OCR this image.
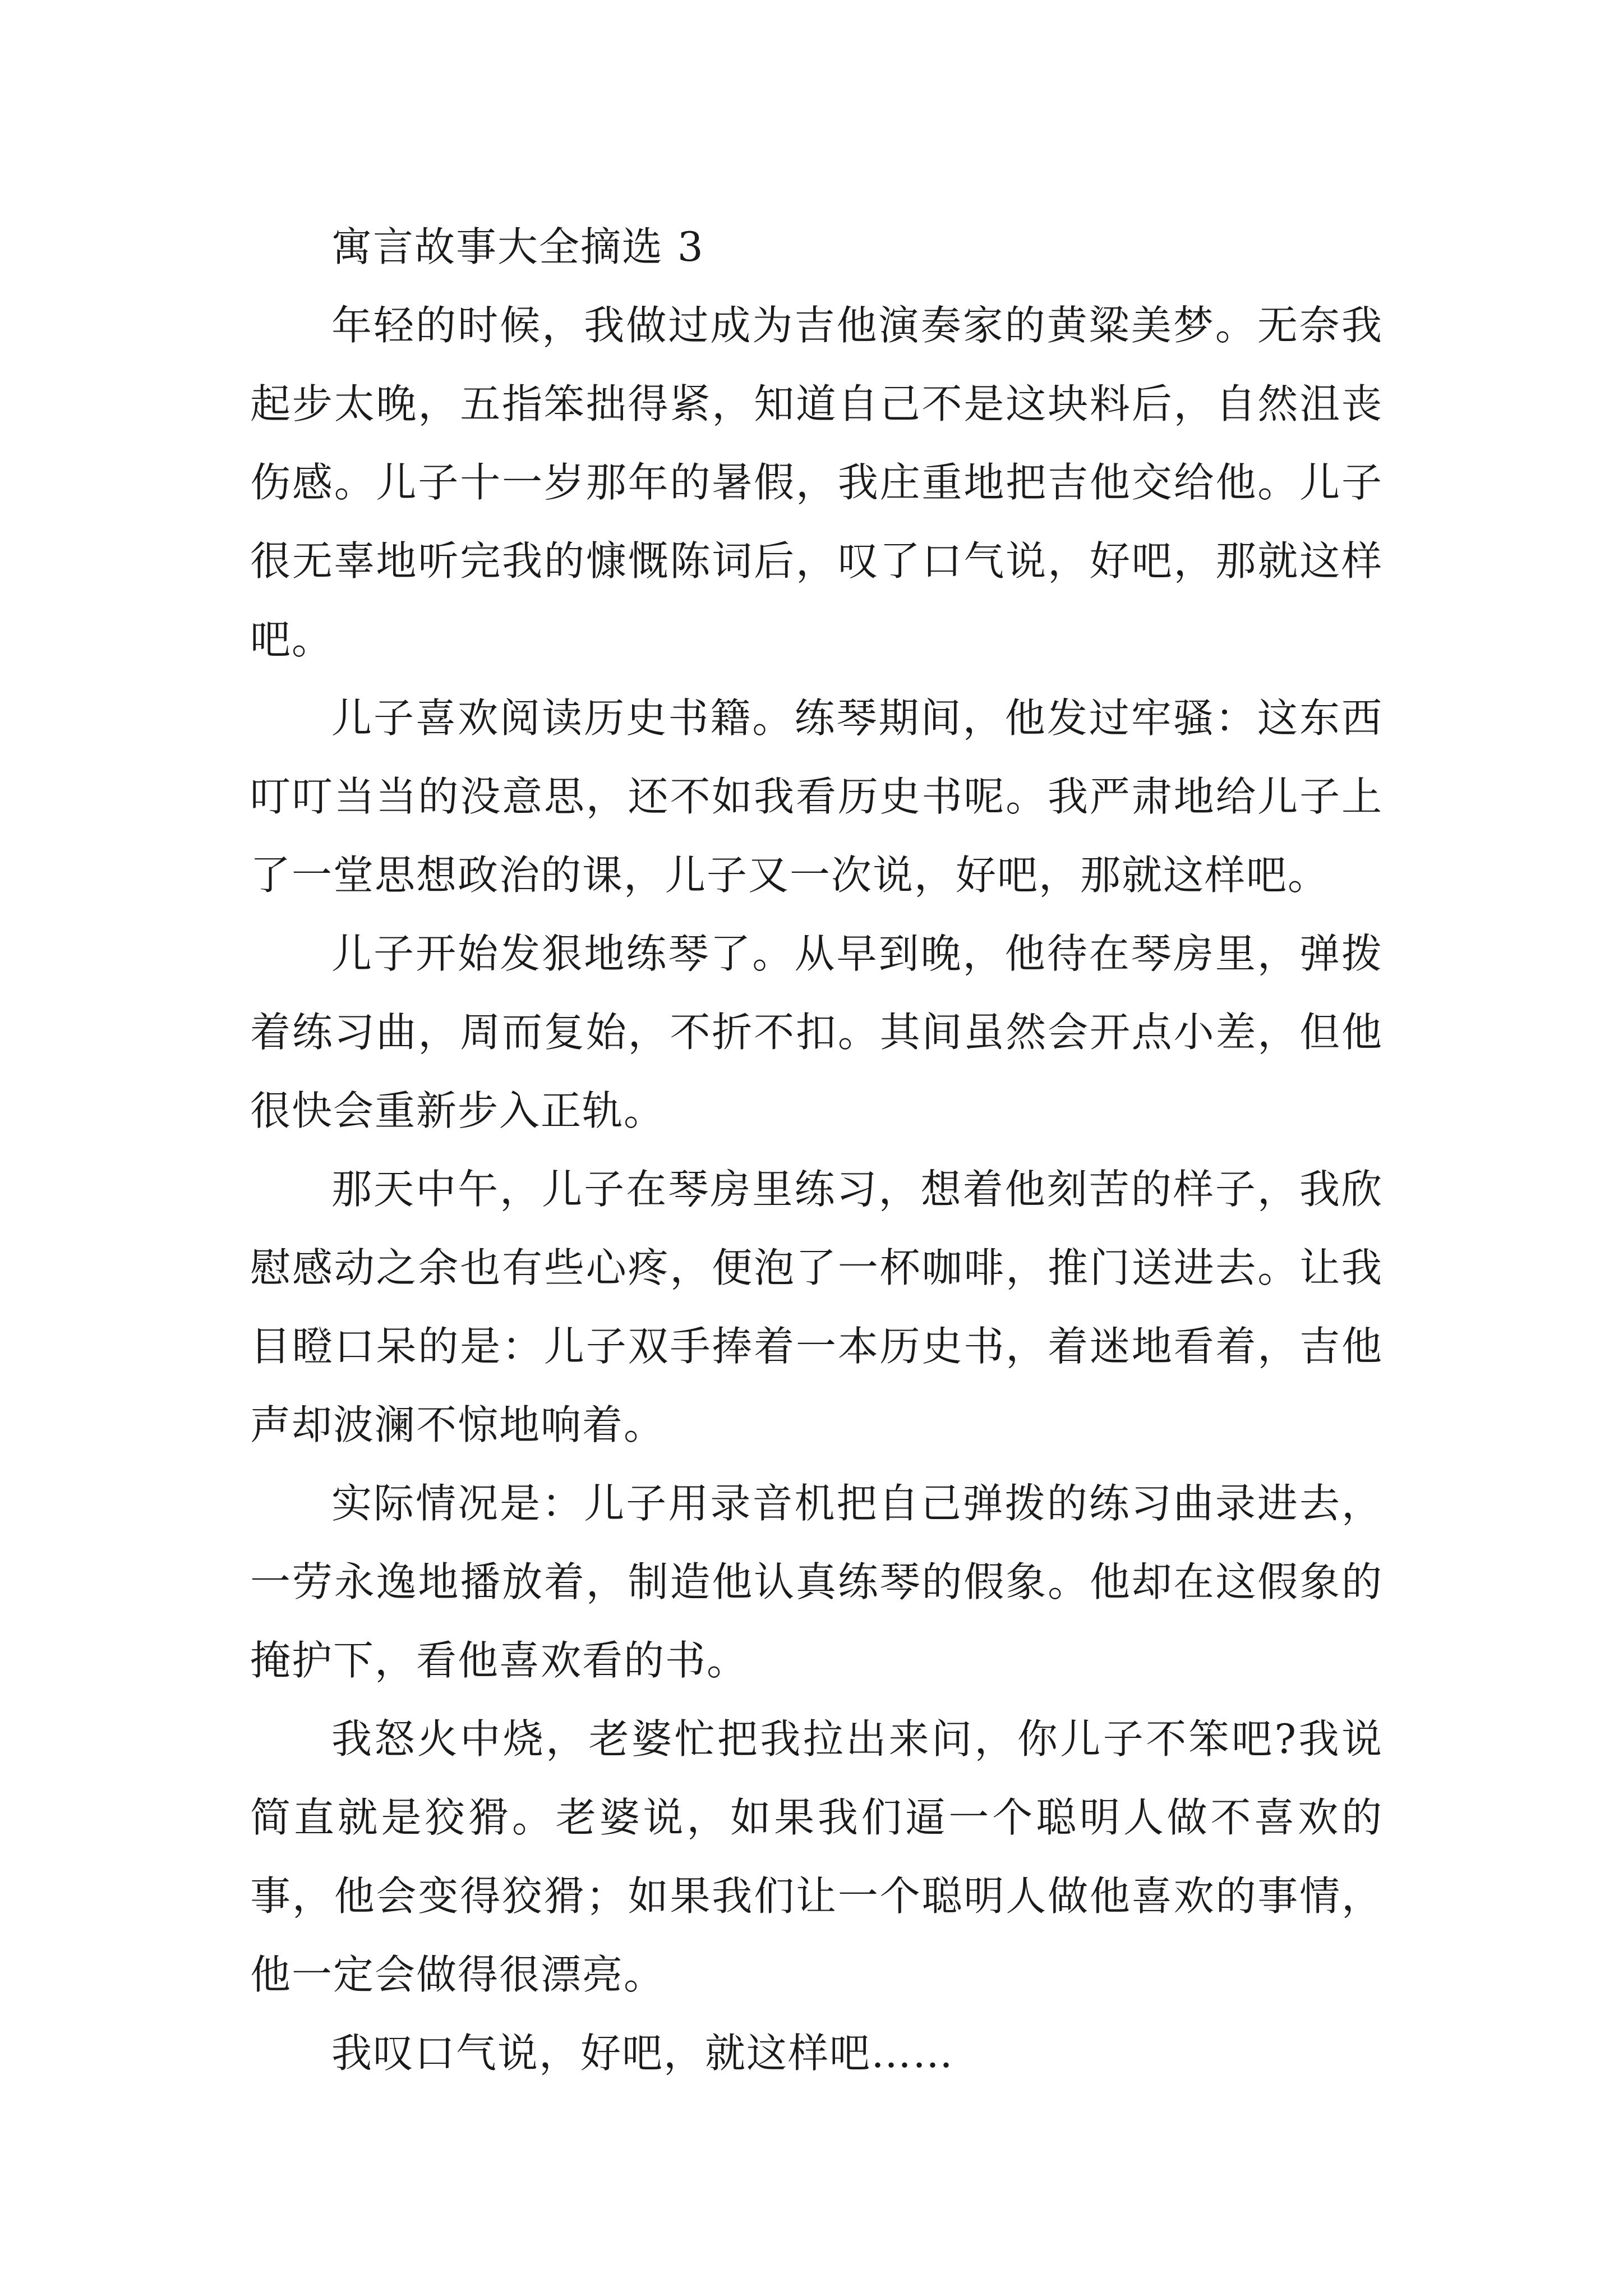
寓言故事大全摘选 3

年轻的时候，我做过成为吉他演奏家的黄粱美梦。无奈我起步太晚，五指笨拙得紧，知道自己不是这块料后，自然沮丧伤感。儿子十一岁那年的暑假，我庄重地把吉他交给他。儿子很无辜地听完我的慷慨陈词后，叹了口气说，好吧，那就这样吧。

儿子喜欢阅读历史书籍。练琴期间，他发过牢骚：这东西叮叮当当的没意思，还不如我看历史书呢。我严肃地给儿子上了一堂思想政治的课，儿子又一次说，好吧，那就这样吧。

儿子开始发狠地练琴了。从早到晚，他待在琴房里，弹拨着练习曲，周而复始，不折不扣。其间虽然会开点小差，但他很快会重新步入正轨。

那天中午，儿子在琴房里练习，想着他刻苦的样子，我欣慰感动之余也有些心疼，便泡了一杯咖啡，推门送进去。让我目瞪口呆的是：儿子双手捧着一本历史书，着迷地看着，吉他声却波澜不惊地响着。

实际情况是：儿子用录音机把自己弹拨的练习曲录进去，一劳永逸地播放着，制造他认真练琴的假象。他却在这假象的掩护下，看他喜欢看的书。

我怒火中烧，老婆忙把我拉出来问，你儿子不笨吧?我说简直就是狡猾。老婆说，如果我们逼一个聪明人做不喜欢的事，他会变得狡猾；如果我们让一个聪明人做他喜欢的事情，他一定会做得很漂亮。

我叹口气说，好吧，就这样吧……
